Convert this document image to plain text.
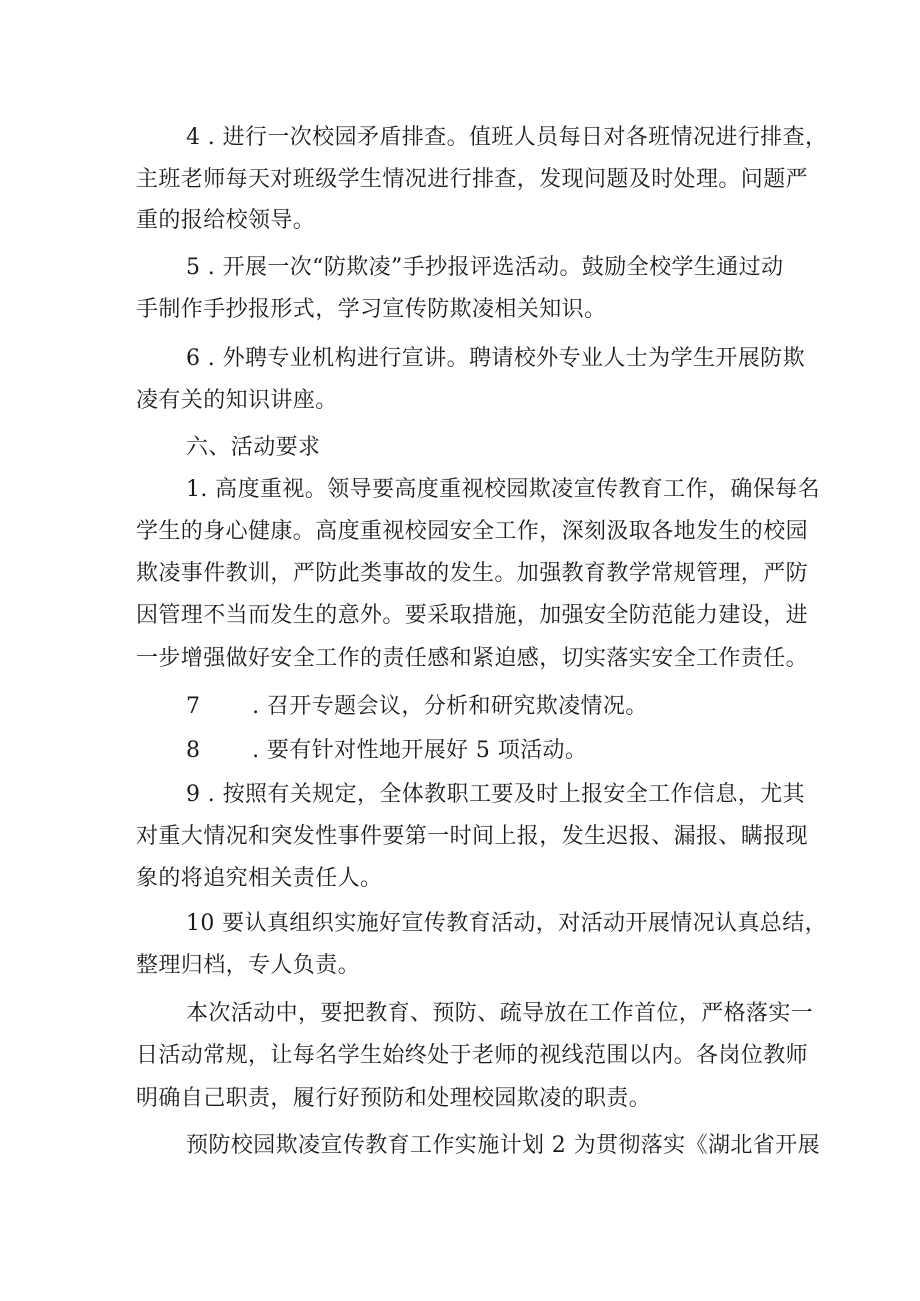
4 . 进行一次校园矛盾排查。值班人员每日对各班情况进行排查，
主班老师每天对班级学生情况进行排查，发现问题及时处理。问题严
重的报给校领导。
5 . 开展一次“防欺凌”手抄报评选活动。鼓励全校学生通过动
手制作手抄报形式，学习宣传防欺凌相关知识。
6 . 外聘专业机构进行宣讲。聘请校外专业人士为学生开展防欺
凌有关的知识讲座。
六、活动要求
1. 高度重视。领导要高度重视校园欺凌宣传教育工作，确保每名
学生的身心健康。高度重视校园安全工作，深刻汲取各地发生的校园
欺凌事件教训，严防此类事故的发生。加强教育教学常规管理，严防
因管理不当而发生的意外。要采取措施，加强安全防范能力建设，进
一步增强做好安全工作的责任感和紧迫感，切实落实安全工作责任。
7       . 召开专题会议，分析和研究欺凌情况。
8       . 要有针对性地开展好 5 项活动。
9 . 按照有关规定，全体教职工要及时上报安全工作信息，尤其
对重大情况和突发性事件要第一时间上报，发生迟报、漏报、瞒报现
象的将追究相关责任人。
10 要认真组织实施好宣传教育活动，对活动开展情况认真总结，
整理归档，专人负责。
本次活动中，要把教育、预防、疏导放在工作首位，严格落实一
日活动常规，让每名学生始终处于老师的视线范围以内。各岗位教师
明确自己职责，履行好预防和处理校园欺凌的职责。
预防校园欺凌宣传教育工作实施计划 2 为贯彻落实《湖北省开展
